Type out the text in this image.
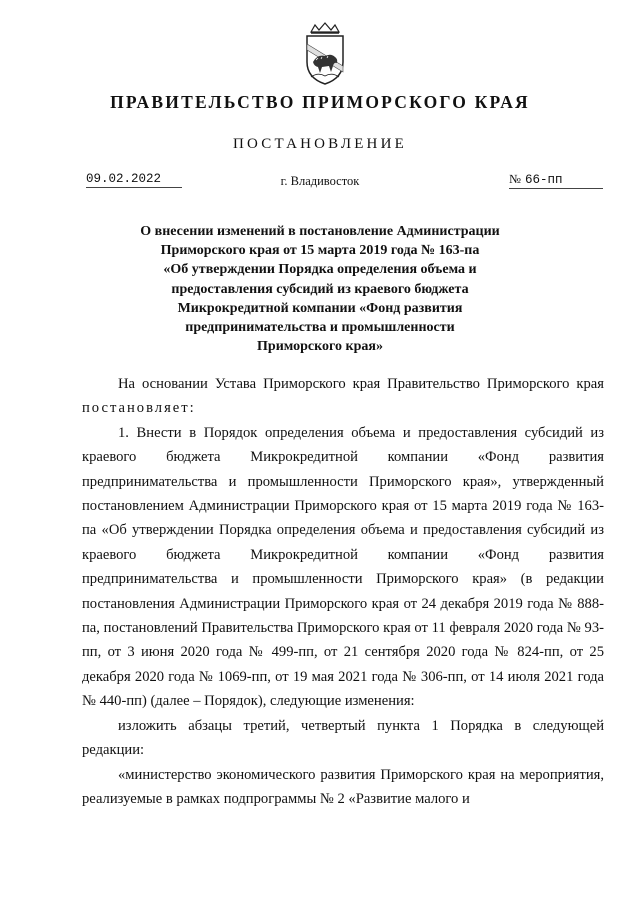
ПРАВИТЕЛЬСТВО ПРИМОРСКОГО КРАЯ
ПОСТАНОВЛЕНИЕ
09.02.2022	г. Владивосток	№ 66-пп
О внесении изменений в постановление Администрации
Приморского края от 15 марта 2019 года № 163-па
«Об утверждении Порядка определения объема и
предоставления субсидий из краевого бюджета
Микрокредитной компании «Фонд развития
предпринимательства и промышленности
Приморского края»

На основании Устава Приморского края Правительство Приморского края постановляет:

1. Внести в Порядок определения объема и предоставления субсидий из краевого бюджета Микрокредитной компании «Фонд развития предпринимательства и промышленности Приморского края», утвержденный постановлением Администрации Приморского края от 15 марта 2019 года № 163-па «Об утверждении Порядка определения объема и предоставления субсидий из краевого бюджета Микрокредитной компании «Фонд развития предпринимательства и промышленности Приморского края» (в редакции постановления Администрации Приморского края от 24 декабря 2019 года № 888-па, постановлений Правительства Приморского края от 11 февраля 2020 года № 93-пп, от 3 июня 2020 года № 499-пп, от 21 сентября 2020 года № 824-пп, от 25 декабря 2020 года № 1069-пп, от 19 мая 2021 года № 306-пп, от 14 июля 2021 года № 440-пп) (далее – Порядок), следующие изменения:

изложить абзацы третий, четвертый пункта 1 Порядка в следующей редакции:

«министерство экономического развития Приморского края на мероприятия, реализуемые в рамках подпрограммы № 2 «Развитие малого и
